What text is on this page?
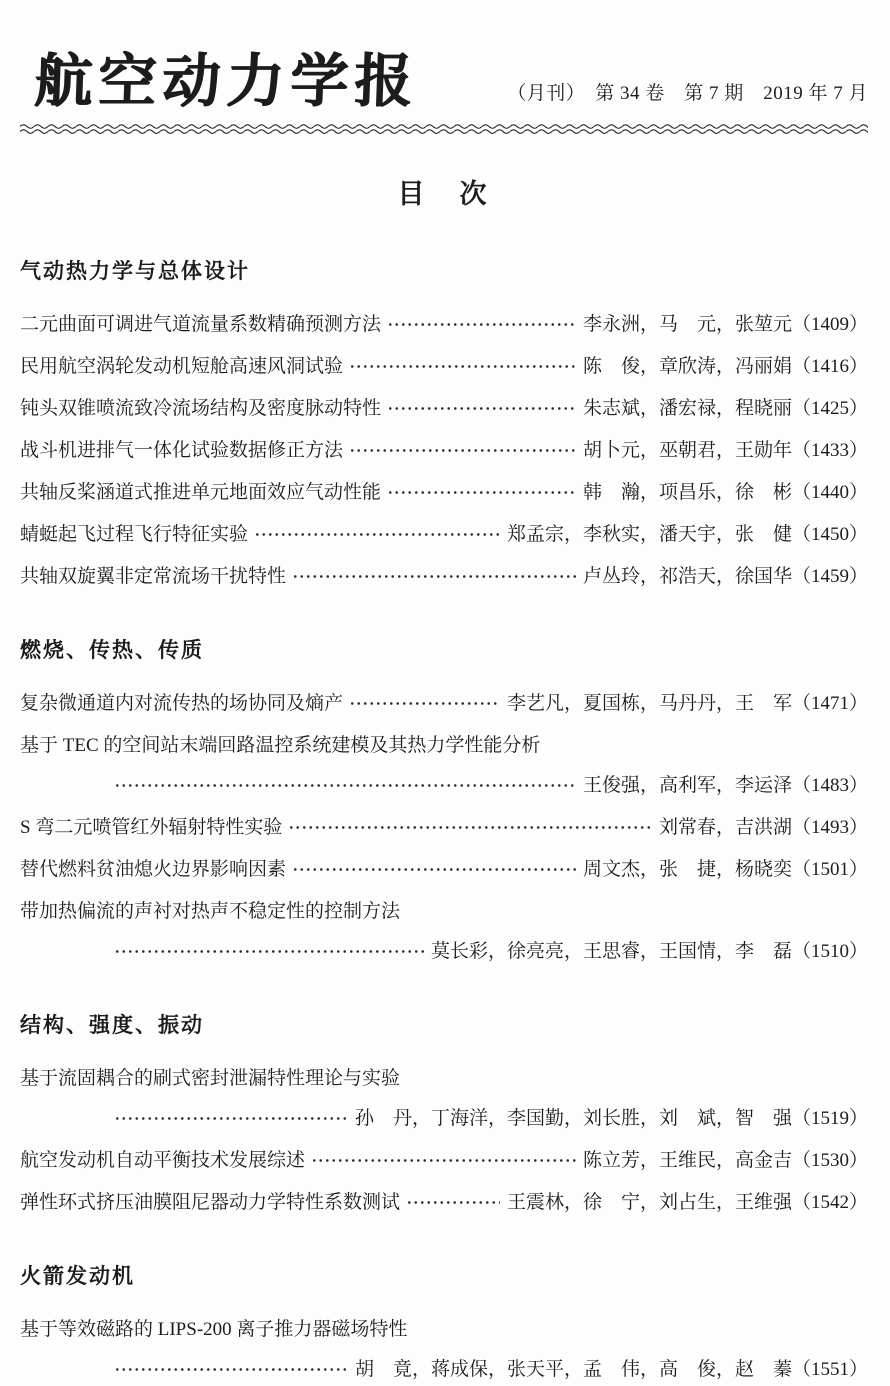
航空动力学报	（月刊）　第 34 卷　第 7 期　2019 年 7 月
目　次
气动热力学与总体设计
二元曲面可调进气道流量系数精确预测方法	李永洲，马　元，张堃元（1409）
民用航空涡轮发动机短舱高速风洞试验	陈　俊，章欣涛，冯丽娟（1416）
钝头双锥喷流致冷流场结构及密度脉动特性	朱志斌，潘宏禄，程晓丽（1425）
战斗机进排气一体化试验数据修正方法	胡卜元，巫朝君，王勋年（1433）
共轴反桨涵道式推进单元地面效应气动性能	韩　瀚，项昌乐，徐　彬（1440）
蜻蜓起飞过程飞行特征实验	郑孟宗，李秋实，潘天宇，张　健（1450）
共轴双旋翼非定常流场干扰特性	卢丛玲，祁浩天，徐国华（1459）
燃烧、传热、传质
复杂微通道内对流传热的场协同及熵产	李艺凡，夏国栋，马丹丹，王　军（1471）
基于 TEC 的空间站末端回路温控系统建模及其热力学性能分析
王俊强，高利军，李运泽（1483）
S 弯二元喷管红外辐射特性实验	刘常春，吉洪湖（1493）
替代燃料贫油熄火边界影响因素	周文杰，张　捷，杨晓奕（1501）
带加热偏流的声衬对热声不稳定性的控制方法
莫长彩，徐亮亮，王思睿，王国情，李　磊（1510）
结构、强度、振动
基于流固耦合的刷式密封泄漏特性理论与实验
孙　丹，丁海洋，李国勤，刘长胜，刘　斌，智　强（1519）
航空发动机自动平衡技术发展综述	陈立芳，王维民，高金吉（1530）
弹性环式挤压油膜阻尼器动力学特性系数测试	王震林，徐　宁，刘占生，王维强（1542）
火箭发动机
基于等效磁路的 LIPS-200 离子推力器磁场特性
胡　竟，蒋成保，张天平，孟　伟，高　俊，赵　蓁（1551）
